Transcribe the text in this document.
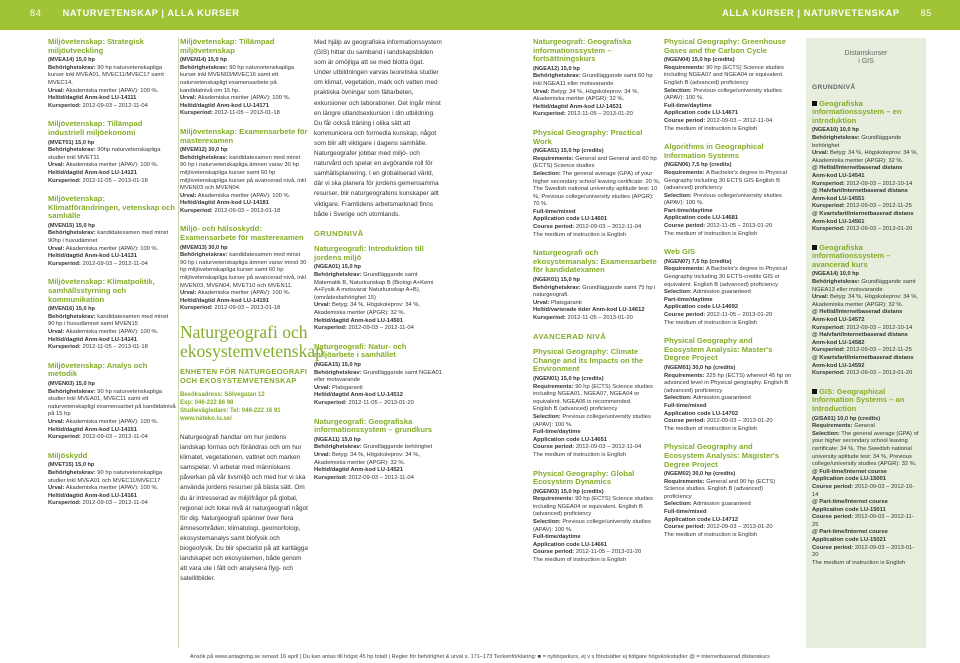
84 NATURVETENSKAP | ALLA KURSER	ALLA KURSER | NATURVETENSKAP 85
Miljövetenskap: Strategisk miljöutveckling
(MVEA14) 15,0 hp
Behörighetskrav: 90 hp naturvetenskapliga kurser inkl MVEA01, MVEC11/MVEC17 samt MVEC14.
Urval: Akademiska meriter (APAV): 100 %.
Heltid/dagtid Anm-kod LU-14111
Kursperiod: 2012-09-03 – 2012-11-04
Miljövetenskap: Tillämpad industriell miljöekonomi
(MVET01) 15,0 hp
Behörighetskrav: 90hp naturvetenskapliga studier inkl MVET11
Urval: Akademiska meriter (APAV): 100 %.
Heltid/dagtid Anm-kod LU-14121
Kursperiod: 2012-11-05 – 2013-01-18
Miljövetenskap: Klimatförändringen, vetenskap och samhälle
(MVEN15) 15,0 hp
Behörighetskrav: kandidatexamen med minst 90hp i huvudämnet
Urval: Akademiska meriter (APAV): 100 %.
Heltid/dagtid Anm-kod LU-14131
Kursperiod: 2012-09-03 – 2012-11-04
Miljövetenskap: Klimatpolitik, samhällsstyrning och kommunikation
(MVEN16) 15,0 hp
Behörighetskrav: kandidatexamen med minst 90 hp i huvudämnet samt MVEN15
Urval: Akademiska meriter (APAV): 100 %.
Heltid/dagtid Anm-kod LU-14141
Kursperiod: 2012-11-05 – 2013-01-18
Miljövetenskap: Analys och metodik
(MVEN03) 15,0 hp
Behörighetskrav: 90 hp naturvetenskapliga studier inkl MVEA01, MVEC11 samt ett naturvetenskapligt examensarbet på kandidatnivå på 15 hp
Urval: Akademiska meriter (APAV): 100 %.
Heltid/dagtid Anm-kod LU-14151
Kursperiod: 2012-09-03 – 2012-11-04
Miljöskydd
(MVET15) 15,0 hp
Behörighetskrav: 90 hp naturvetenskapliga studier inkl MVEA01 och MVEC11/MVEC17
Urval: Akademiska meriter (APAV): 100 %.
Heltid/dagtid Anm-kod LU-14161
Kursperiod: 2012-09-03 – 2012-11-04
Miljövetenskap: Tillämpad miljövetenskap
(MVEN14) 15,0 hp
Behörighetskrav: 90 hp naturvetenskapliga kurser inkl MVEN03/MVEC16 samt ett naturvetenskapligt examensarbete på kandidatnivå om 15 hp.
Urval: Akademiska meriter (APAV): 100 %.
Heltid/dagtid Anm-kod LU-14171
Kursperiod: 2012-11-05 – 2013-01-18
Miljövetenskap: Examensarbete för masterexamen
(MVEM12) 30,0 hp
Behörighetskrav: kandidatexamen med minst 90 hp i naturvetenskapliga ämnen varav 30 hp miljövetenskapliga kurser samt 60 hp miljövetenskapliga kurser på avancerad nivå, inkl MVEN03 och MVEN04.
Urval: Akademiska meriter (APAV): 100 %.
Heltid/dagtid Anm-kod LU-14181
Kursperiod: 2012-09-03 – 2013-01-18
Miljö- och hälsoskydd: Examensarbete för masterexamen
(MVEM13) 30,0 hp
Behörighetskrav: kandidatexamen med minst 90 hp i naturvetenskapliga ämnen varav minst 30 hp miljövetenskapliga kurser samt 60 hp miljövetenskapliga kurser på avancerad nivå, inkl MVEN03, MVEN04, MVET10 och MVEN11.
Urval: Akademiska meriter (APAV): 100 %.
Heltid/dagtid Anm-kod LU-14191
Kursperiod: 2012-09-03 – 2013-01-18
Naturgeografi och ekosystemvetenskap
ENHETEN FÖR NATURGEOGRAFI
OCH EKOSYSTEMVETENSKAP
Besöksadress: Sölvegatan 12
Exp: 046-222 86 98
Studievägledare: Tel: 046-222 16 91
www.nateko.lu.se/

Naturgeografi handlar om hur jordens landskap formas och förändras och om hur klimatet, vegetationen, vattnet och marken samspelar. Vi arbetar med människans påverkan på vår livsmiljö och med hur vi ska använda jordens resurser på bästa sätt. Om du är intresserad av miljöfrågor på global, regional och lokal nivå är naturgeografi något för dig. Naturgeografi spänner över flera ämnesområden; klimatologi, geomorfologi, ekosystemanalys samt biofysik och biogeofysik. Du blir specialist på att kartlägga landskapet och ekosystemen, både genom att vara ute i fält och analysera flyg- och satellitbilder.

Med hjälp av geografiska informationssystem (GIS) hittar du samband i landskapsbilden som är omöjliga att se med blotta ögat. Under utbildningen varvas teoretiska studier om klimat, vegetation, mark och vatten med praktiska övningar som fältarbeten, exkursioner och laborationer. Det ingår minst en längre utlandsexkursion i din utbildning. Du får också träning i olika sätt att kommunicera och formedla kunskap, något som blir allt viktigare i dagens samhälle. Naturgeografer jobbar med miljö- och naturvård och spelar en avgörande roll för samhällsplanering. I en globaliserad värld, där vi ska planera för jordens gemensamma resurser, blir naturgeografens kunskaper allt viktigare. Framtidens arbetsmarknad finns både i Sverige och utomlands.

GRUNDNIVÅ
Naturgeografi: Introduktion till jordens miljö
(NGEA01) 15,0 hp
Behörighetskrav: Grundläggande samt Matematik B, Naturkunskap B (Biologi A+Kemi A+Fysik A motsvarar Naturkunskap A+B), (områdesbehörighet 15)
Urval: Betyg: 34 %, Högskoleprov: 34 %, Akademiska meriter (APGR): 32 %.
Heltid/dagtid Anm-kod LU-14501
Kursperiod: 2012-09-03 – 2012-11-04
Naturgeografi: Natur- och miljöarbete i samhället
(NGEA15) 15,0 hp
Behörighetskrav: Grundläggande samt NGEA01 eller motsvarande
Urval: Platsgaranti
Heltid/dagtid Anm-kod LU-14512
Kursperiod: 2012-11-05 – 2013-01-20
Naturgeografi: Geografiska informationssystem – grundkurs
(NGEA11) 15,0 hp
Behörighetskrav: Grundläggande behörighet
Urval: Betyg: 34 %, Högskoleprov: 34 %, Akademiska meriter (APGR): 32 %.
Heltid/dagtid Anm-kod LU-14521
Kursperiod: 2012-09-03 – 2012-11-04
Naturgeografi: Geografiska informationssystem – fortsättningskurs
(NGEA12) 15,0 hp
Behörighetskrav: Grundläggande samt 60 hp inkl NGEA11 eller motsvarande
Urval: Betyg: 34 %, Högskoleprov: 34 %, Akademiska meriter (APGR): 32 %.
Heltid/dagtid Anm-kod LU-14531
Kursperiod: 2012-11-05 – 2013-01-20
Physical Geography: Practical Work
(NGEA51) 15,0 hp (credits)
Requirements: General and General and 60 hp (ECTS) Science studies
Selection: The general average (GPA) of your higher secondary school leaving certificate: 20 %, The Swedish national university aptitude test: 10 %, Previous college/university studies (APGR): 70 %.
Full-time/mixed
Application code LU-14601
Course period: 2012-09-03 – 2012-11-04
The medium of instruction is English
Naturgeografi och ekosystemanalys: Examensarbete för kandidatexamen
(NGEK01) 15,0 hp
Behörighetskrav: Grundläggande samt 75 hp i naturgeografi.
Urval: Platsgaranti
Heltid/varierade tider Anm-kod LU-14612
Kursperiod: 2012-11-05 – 2013-01-20
AVANCERAD NIVÅ
Physical Geography: Climate Change and its Impacts on the Environment
(NGEN01) 15,0 hp (credits)
Requirements: 90 hp (ECTS) Science studies including NGEA01, NGEA07, NGEA04 or equivalent. NGEA06 is recommended.
English B (advanced) proficiency
Selection: Previous college/university studies (APAV): 100 %.
Full-time/daytime
Application code LU-14651
Course period: 2012-09-03 – 2012-11-04
The medium of instruction is English
Physical Geography: Global Ecosystem Dynamics
(NGEN03) 15,0 hp (credits)
Requirements: 90 hp (ECTS) Science studies including NGEA04 or equivalent. English B (advanced) proficiency
Selection: Previous college/university studies (APAV): 100 %.
Full-time/daytime
Application code LU-14661
Course period: 2012-11-05 – 2013-01-20
The medium of instruction is English
Physical Geography: Greenhouse Gases and the Carbon Cycle
(NGEN04) 15,0 hp (credits)
Requirements: 90 hp (ECTS) Science studies including NGEA07 and NGEA04 or equivalent. English B (advanced) proficiency
Selection: Previous college/university studies (APAV): 100 %.
Full-time/daytime
Application code LU-14671
Course period: 2012-09-03 – 2012-11-04
The medium of instruction is English
Algorithms in Geographical Information Systems
(NGEN06) 7,5 hp (credits)
Requirements: A Bachelor's degree in Physical Geography including 30 ECTS GIS English B (advanced) proficiency
Selection: Previous college/university studies (APAV): 100 %.
Part-time/daytime
Application code LU-14681
Course period: 2012-11-05 – 2013-01-20
The medium of instruction is English
Web GIS
(NGEN07) 7,5 hp (credits)
Requirements: A Bachelor's degree in Physical Geography including 30 ECTS-credits GIS or equivalent. English B (advanced) proficiency
Selection: Admission guaranteed
Part-time/daytime
Application code LU-14692
Course period: 2012-11-05 – 2013-01-20
The medium of instruction is English
Physical Geography and Ecosystem Analysis: Master's Degree Project
(NGEM01) 30,0 hp (credits)
Requirements: 225 hp (ECTS) whereof 45 hp on advanced level in Physical geography. English B (advanced) proficiency
Selection: Admission guaranteed
Full-time/mixed
Application code LU-14702
Course period: 2012-09-03 – 2013-01-20
The medium of instruction is English
Physical Geography and Ecosystem Analysis: Magister's Degree Project
(NGEM02) 30,0 hp (credits)
Requirements: General and 90 hp (ECTS) Science studies. English B (advanced) proficiency
Selection: Admission guaranteed
Full-time/mixed
Application code LU-14712
Course period: 2012-09-03 – 2013-01-20
The medium of instruction is English
Distanskurser
i GIS
GRUNDNIVÅ
Geografiska informationssystem – en introduktion
(NGEA10) 10,0 hp
Behörighetskrav: Grundläggande behörighet
Urval: Betyg: 34 %, Högskoleprov: 34 %, Akademiska meriter (APGR): 32 %.
@ Heltid/Internetbaserad distans
Anm-kod LU-14541
Kursperiod: 2012-09-03 – 2012-10-14
@ Halvfart/Internetbaserad distans
Anm-kod LU-14551
Kursperiod: 2012-09-03 – 2012-11-25
@ Kvartsfart/Internetbaserad distans
Anm-kod LU-14561
Kursperiod: 2012-09-03 – 2013-01-20
Geografiska informationssystem – avancerad kurs
(NGEA14) 10,0 hp
Behörighetskrav: Grundläggande samt NGEA13 eller motsvarande
Urval: Betyg: 34 %, Högskoleprov: 34 %, Akademiska meriter (APGR): 32 %.
@ Heltid/Internetbaserad distans
Anm-kod LU-14572
Kursperiod: 2012-09-03 – 2012-10-14
@ Halvfart/Internetbaserad distans
Anm-kod LU-14582
Kursperiod: 2012-09-03 – 2012-11-25
@ Kvartsfart/Internetbaserad distans
Anm-kod LU-14592
Kursperiod: 2012-09-03 – 2013-01-20
GIS: Geographical Information Systems – an Introduction
(GISA01) 10,0 hp (credits)
Requirements: General
Selection: The general average (GPA) of your higher secondary school leaving certificate: 34 %, The Swedish national university aptitude test: 34 %, Previous college/university studies (APGR): 32 %.
@ Full-time/Internet course
Application code LU-15001
Course period: 2012-09-03 – 2012-10-14
@ Part-time/Internet course
Application code LU-15011
Course period: 2012-09-03 – 2012-11-25
@ Part-time/Internet course
Application code LU-15021
Course period: 2012-09-03 – 2013-01-20
The medium of instruction is English
Ansök på www.antagning.se senast 16 april | Du kan antas till högst 45 hp totalt | Regler för behörighet & urval s. 171–173 Teckenförklaring: ■ = nybörjarkurs, ej v s förutsätter ej tidigare högskolestudier @ = internetbaserad distanskurs
